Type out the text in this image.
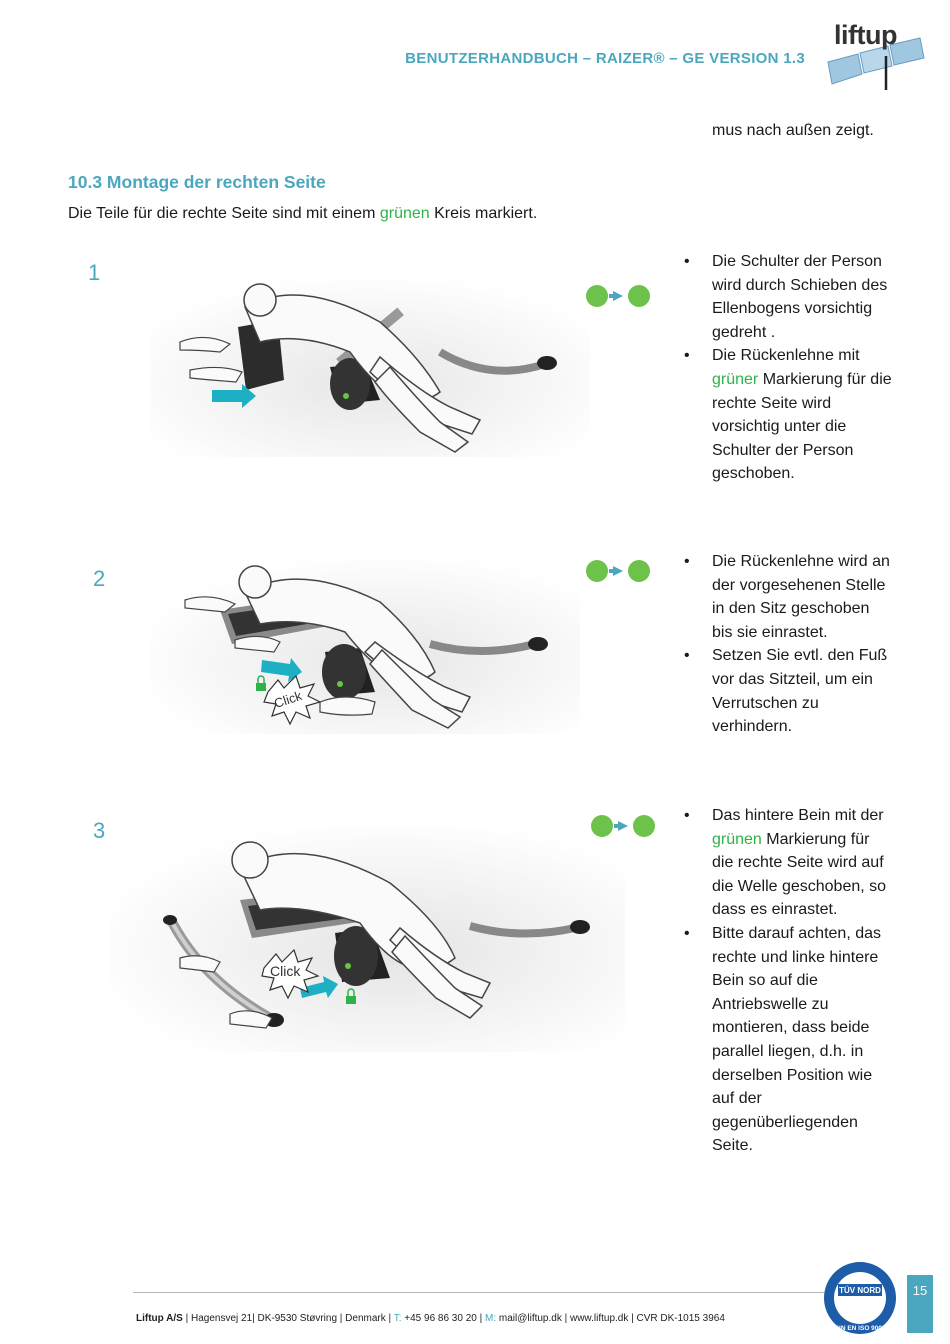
BENUTZERHANDBUCH – RAIZER® – GE VERSION 1.3
liftup
mus nach außen zeigt.
10.3 Montage der rechten Seite
Die Teile für die rechte Seite sind mit einem grünen Kreis markiert.
1
•	Die Schulter der Person wird durch Schieben des Ellenbogens vorsichtig gedreht .
• Die Rückenlehne mit grüner Markierung für die rechte Seite wird vorsichtig unter die Schulter der Person geschoben.
2
Click
• Die Rückenlehne wird an der vorgesehenen Stelle in den Sitz geschoben bis sie einrastet.
• Setzen Sie evtl. den Fuß vor das Sitzteil, um ein Verrutschen zu verhindern.
3
Click
• Das hintere Bein mit der grünen Markierung für die rechte Seite wird auf die Welle geschoben, so dass es einrastet.
• Bitte darauf achten, das rechte und linke hintere Bein so auf die Antriebswelle zu montieren, dass beide parallel liegen, d.h. in derselben Position wie auf der gegenüberliegenden Seite.
Liftup A/S | Hagensvej 21| DK-9530 Støvring | Denmark | T: +45 96 86 30 20 | M: mail@liftup.dk | www.liftup.dk | CVR DK-1015 3964
TÜV NORD
DIN EN ISO 9001
15
